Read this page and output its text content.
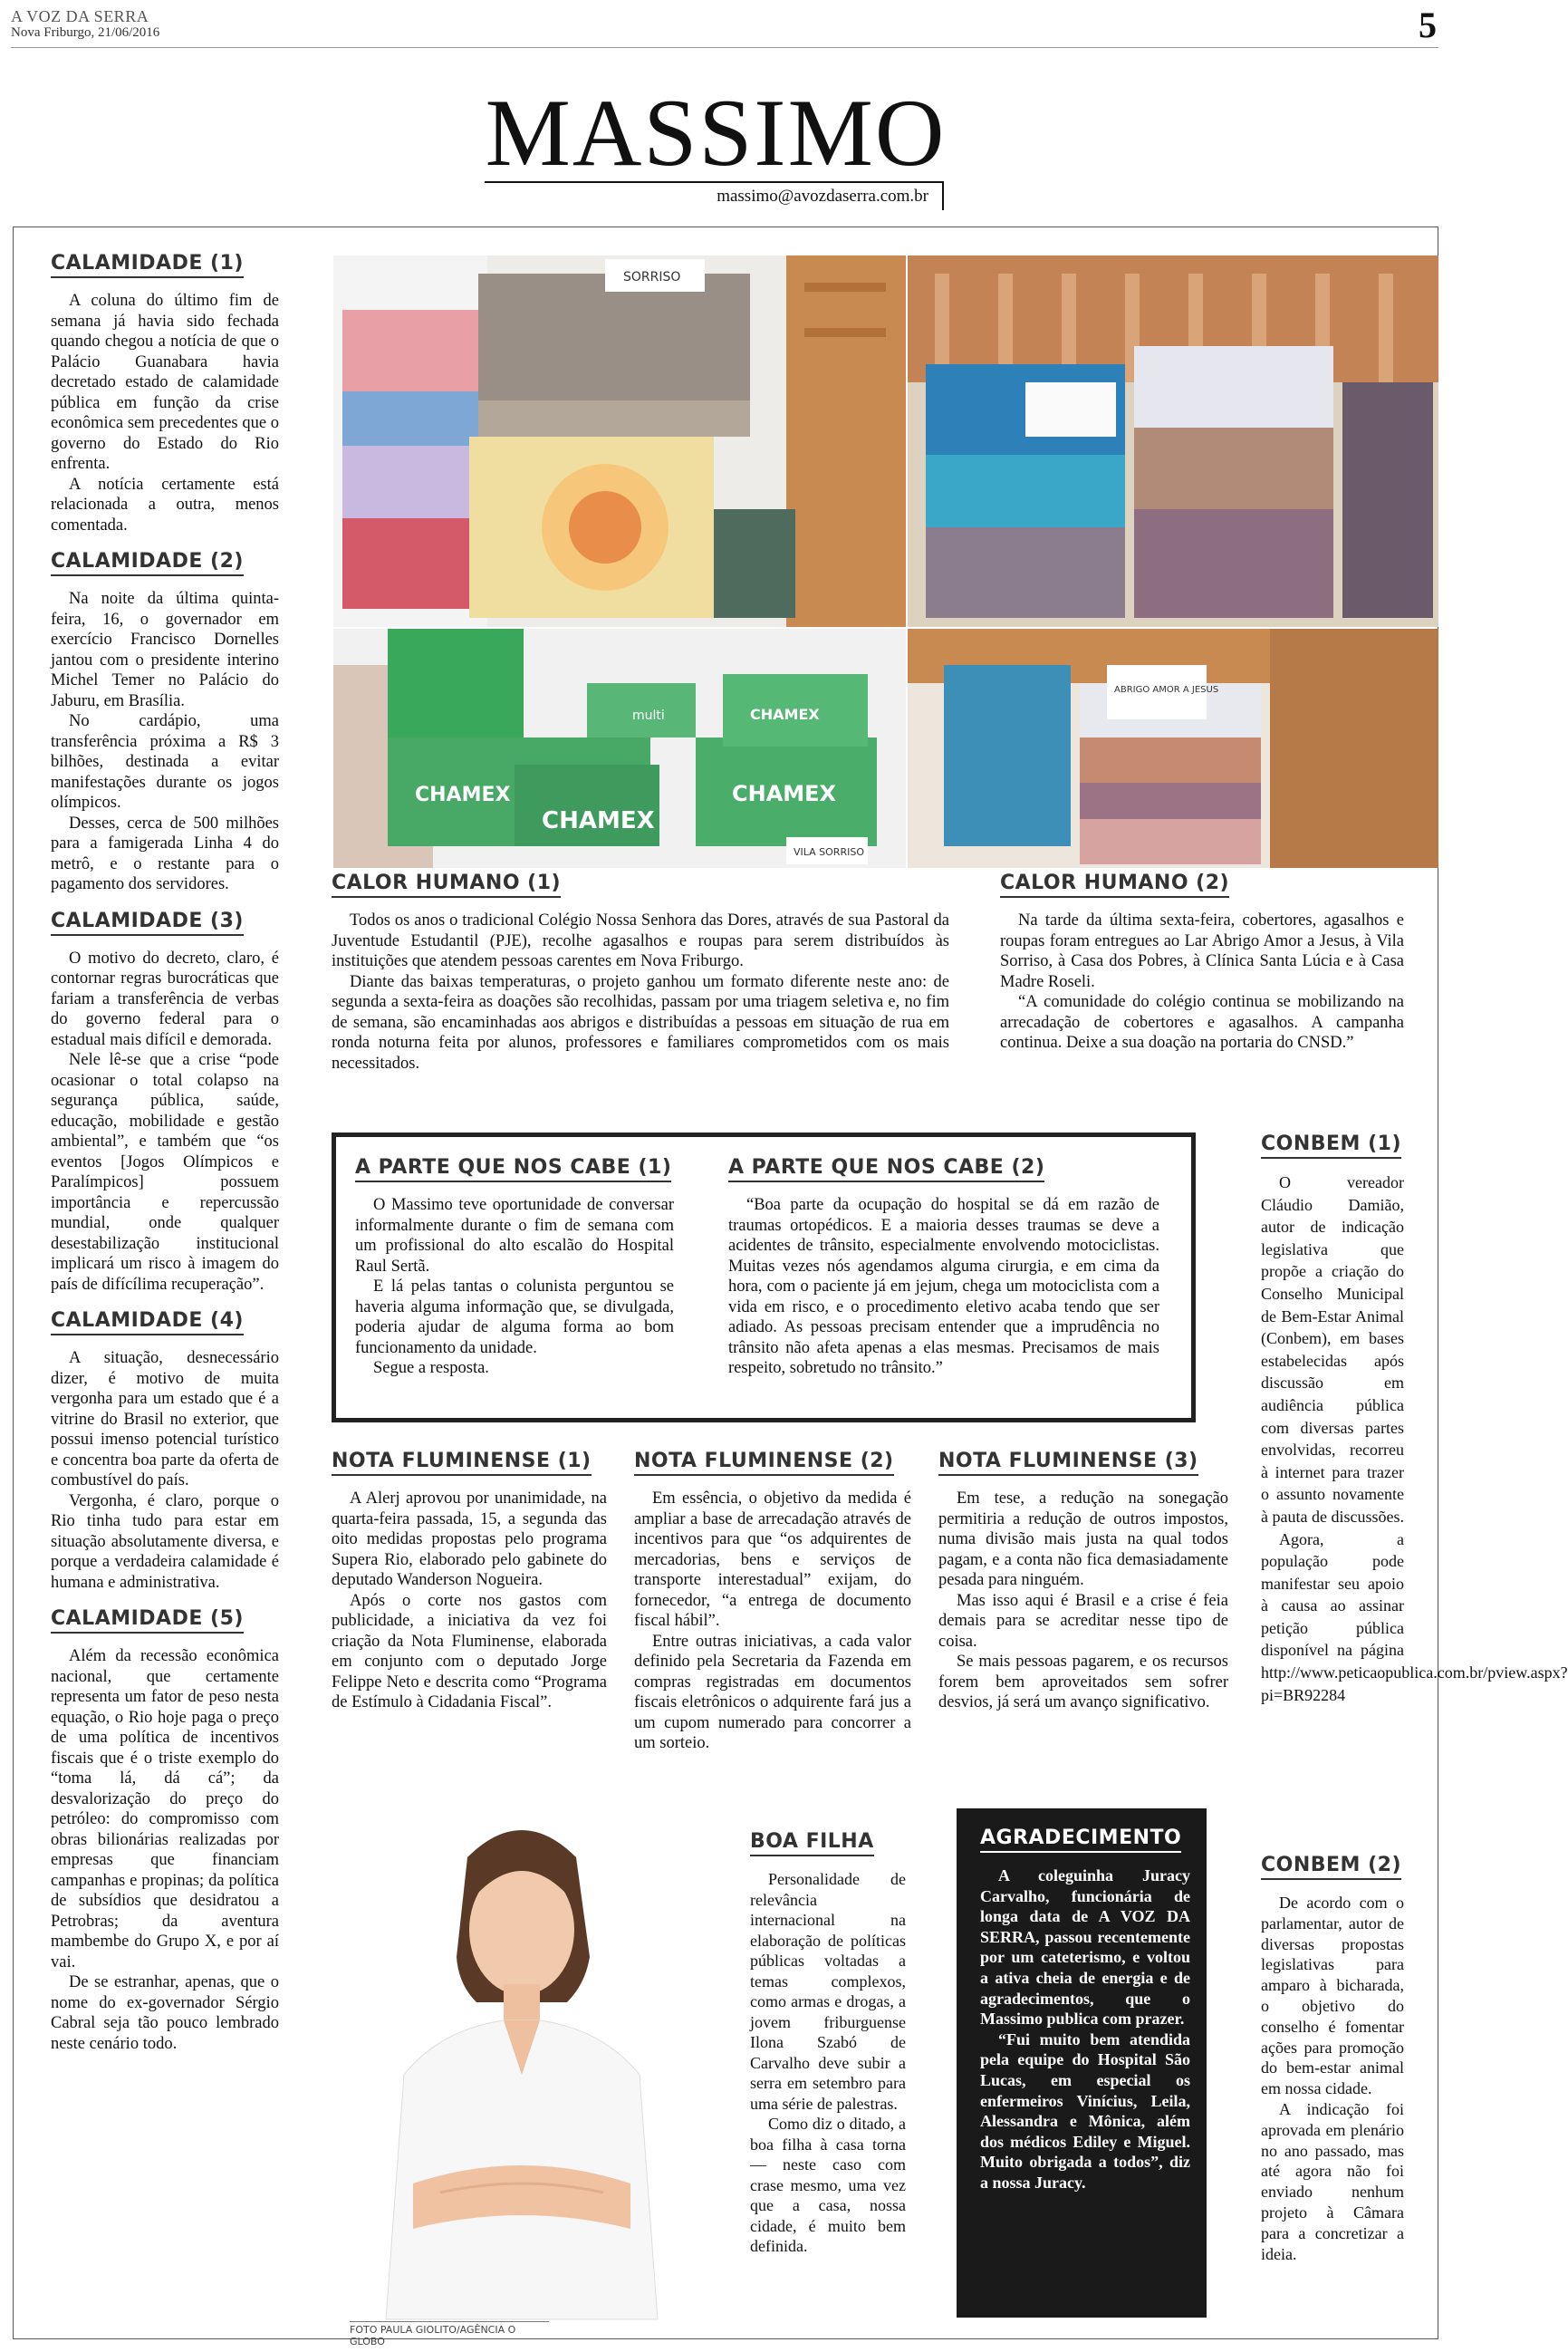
A VOZ DA SERRA
Nova Friburgo, 21/06/2016	5
MASSIMO
massimo@avozdaserra.com.br
CALAMIDADE (1)

A coluna do último fim de semana já havia sido fechada quando chegou a notícia de que o Palácio Guanabara havia decretado estado de calamidade pública em função da crise econômica sem precedentes que o governo do Estado do Rio enfrenta.

A notícia certamente está relacionada a outra, menos comentada.

CALAMIDADE (2)

Na noite da última quinta-feira, 16, o governador em exercício Francisco Dornelles jantou com o presidente interino Michel Temer no Palácio do Jaburu, em Brasília.

No cardápio, uma transferência próxima a R$ 3 bilhões, destinada a evitar manifestações durante os jogos olímpicos.

Desses, cerca de 500 milhões para a famigerada Linha 4 do metrô, e o restante para o pagamento dos servidores.

CALAMIDADE (3)

O motivo do decreto, claro, é contornar regras burocráticas que fariam a transferência de verbas do governo federal para o estadual mais difícil e demorada.

Nele lê-se que a crise “pode ocasionar o total colapso na segurança pública, saúde, educação, mobilidade e gestão ambiental”, e também que “os eventos [Jogos Olímpicos e Paralímpicos] possuem importância e repercussão mundial, onde qualquer desestabilização institucional implicará um risco à imagem do país de difícílima recuperação”.

CALAMIDADE (4)

A situação, desnecessário dizer, é motivo de muita vergonha para um estado que é a vitrine do Brasil no exterior, que possui imenso potencial turístico e concentra boa parte da oferta de combustível do país.

Vergonha, é claro, porque o Rio tinha tudo para estar em situação absolutamente diversa, e porque a verdadeira calamidade é humana e administrativa.

CALAMIDADE (5)

Além da recessão econômica nacional, que certamente representa um fator de peso nesta equação, o Rio hoje paga o preço de uma política de incentivos fiscais que é o triste exemplo do “toma lá, dá cá”; da desvalorização do preço do petróleo: do compromisso com obras bilionárias realizadas por empresas que financiam campanhas e propinas; da política de subsídios que desidratou a Petrobras; da aventura mambembe do Grupo X, e por aí vai.

De se estranhar, apenas, que o nome do ex-governador Sérgio Cabral seja tão pouco lembrado neste cenário todo.

SORRISO
CHAMEX
CHAMEX
CHAMEX
CHAMEX
multi
VILA SORRISO
ABRIGO AMOR A JESUS
CALOR HUMANO (1)

Todos os anos o tradicional Colégio Nossa Senhora das Dores, através de sua Pastoral da Juventude Estudantil (PJE), recolhe agasalhos e roupas para serem distribuídos às instituições que atendem pessoas carentes em Nova Friburgo.

Diante das baixas temperaturas, o projeto ganhou um formato diferente neste ano: de segunda a sexta-feira as doações são recolhidas, passam por uma triagem seletiva e, no fim de semana, são encaminhadas aos abrigos e distribuídas a pessoas em situação de rua em ronda noturna feita por alunos, professores e familiares comprometidos com os mais necessitados.

CALOR HUMANO (2)

Na tarde da última sexta-feira, cobertores, agasalhos e roupas foram entregues ao Lar Abrigo Amor a Jesus, à Vila Sorriso, à Casa dos Pobres, à Clínica Santa Lúcia e à Casa Madre Roseli.

“A comunidade do colégio continua se mobilizando na arrecadação de cobertores e agasalhos. A campanha continua. Deixe a sua doação na portaria do CNSD.”

A PARTE QUE NOS CABE (1)

O Massimo teve oportunidade de conversar informalmente durante o fim de semana com um profissional do alto escalão do Hospital Raul Sertã.

E lá pelas tantas o colunista perguntou se haveria alguma informação que, se divulgada, poderia ajudar de alguma forma ao bom funcionamento da unidade.

Segue a resposta.

A PARTE QUE NOS CABE (2)

“Boa parte da ocupação do hospital se dá em razão de traumas ortopédicos. E a maioria desses traumas se deve a acidentes de trânsito, especialmente envolvendo motociclistas. Muitas vezes nós agendamos alguma cirurgia, e em cima da hora, com o paciente já em jejum, chega um motociclista com a vida em risco, e o procedimento eletivo acaba tendo que ser adiado. As pessoas precisam entender que a imprudência no trânsito não afeta apenas a elas mesmas. Precisamos de mais respeito, sobretudo no trânsito.”

CONBEM (1)

O vereador Cláudio Damião, autor de indicação legislativa que propõe a criação do Conselho Municipal de Bem-Estar Animal (Conbem), em bases estabelecidas após discussão em audiência pública com diversas partes envolvidas, recorreu à internet para trazer o assunto novamente à pauta de discussões.

Agora, a população pode manifestar seu apoio à causa ao assinar petição pública disponível na página http://www.peticaopublica.com.br/pview.aspx?pi=BR92284

NOTA FLUMINENSE (1)

A Alerj aprovou por unanimidade, na quarta-feira passada, 15, a segunda das oito medidas propostas pelo programa Supera Rio, elaborado pelo gabinete do deputado Wanderson Nogueira.

Após o corte nos gastos com publicidade, a iniciativa da vez foi criação da Nota Fluminense, elaborada em conjunto com o deputado Jorge Felippe Neto e descrita como “Programa de Estímulo à Cidadania Fiscal”.

NOTA FLUMINENSE (2)

Em essência, o objetivo da medida é ampliar a base de arrecadação através de incentivos para que “os adquirentes de mercadorias, bens e serviços de transporte interestadual” exijam, do fornecedor, “a entrega de documento fiscal hábil”.

Entre outras iniciativas, a cada valor definido pela Secretaria da Fazenda em compras registradas em documentos fiscais eletrônicos o adquirente fará jus a um cupom numerado para concorrer a um sorteio.

NOTA FLUMINENSE (3)

Em tese, a redução na sonegação permitiria a redução de outros impostos, numa divisão mais justa na qual todos pagam, e a conta não fica demasiadamente pesada para ninguém.

Mas isso aqui é Brasil e a crise é feia demais para se acreditar nesse tipo de coisa.

Se mais pessoas pagarem, e os recursos forem bem aproveitados sem sofrer desvios, já será um avanço significativo.

FOTO PAULA GIOLITO/AGÊNCIA O GLOBO
BOA FILHA

Personalidade de relevância internacional na elaboração de políticas públicas voltadas a temas complexos, como armas e drogas, a jovem friburguense Ilona Szabó de Carvalho deve subir a serra em setembro para uma série de palestras.

Como diz o ditado, a boa filha à casa torna — neste caso com crase mesmo, uma vez que a casa, nossa cidade, é muito bem definida.

AGRADECIMENTO

A coleguinha Juracy Carvalho, funcionária de longa data de A VOZ DA SERRA, passou recentemente por um cateterismo, e voltou a ativa cheia de energia e de agradecimentos, que o Massimo publica com prazer.

“Fui muito bem atendida pela equipe do Hospital São Lucas, em especial os enfermeiros Vinícius, Leila, Alessandra e Mônica, além dos médicos Ediley e Miguel. Muito obrigada a todos”, diz a nossa Juracy.

CONBEM (2)

De acordo com o parlamentar, autor de diversas propostas legislativas para amparo à bicharada, o objetivo do conselho é fomentar ações para promoção do bem-estar animal em nossa cidade.

A indicação foi aprovada em plenário no ano passado, mas até agora não foi enviado nenhum projeto à Câmara para a concretizar a ideia.
